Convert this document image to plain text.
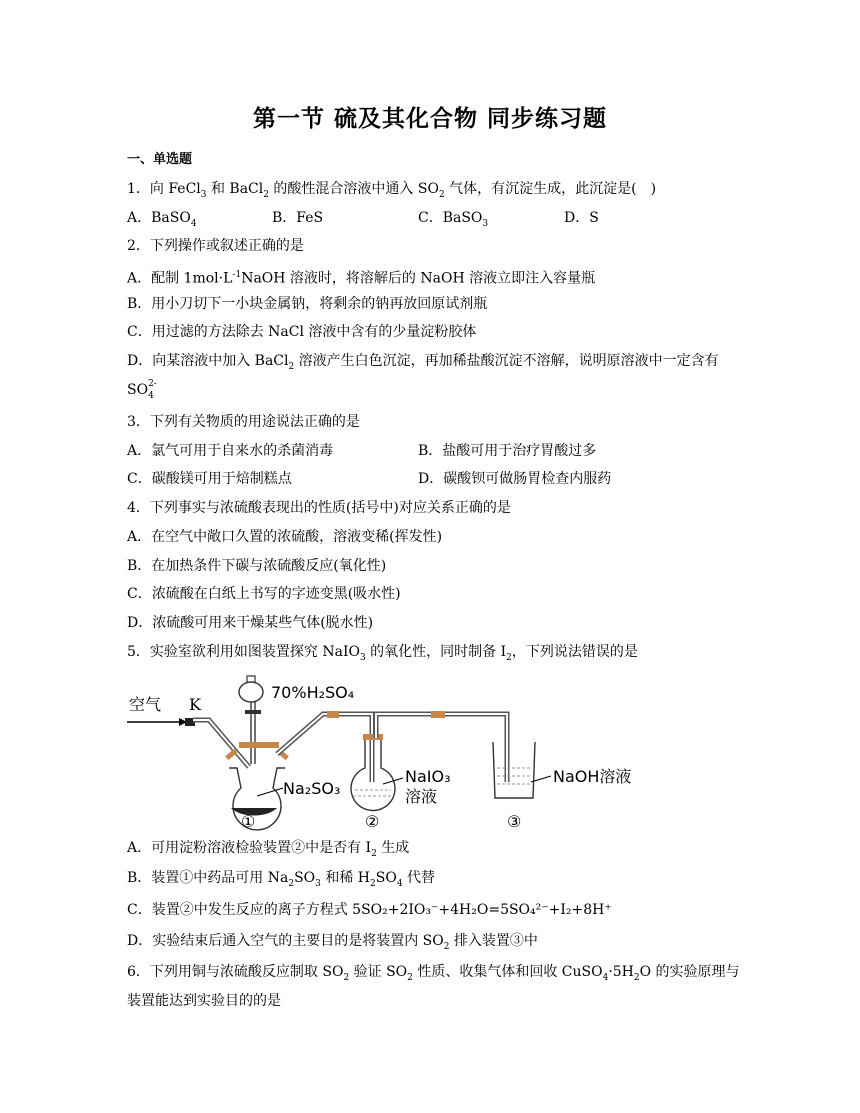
第一节 硫及其化合物 同步练习题
一、单选题
1．向 FeCl$_3$ 和 BaCl$_2$ 的酸性混合溶液中通入 $SO_2$ 气体，有沉淀生成，此沉淀是(　)
A．BaSO$_4$	B．FeS	C．BaSO$_3$	D．S
2．下列操作或叙述正确的是
A．配制 $1mol\cdot L^{-1}NaOH$ 溶液时，将溶解后的 NaOH 溶液立即注入容量瓶
B．用小刀切下一小块金属钠，将剩余的钠再放回原试剂瓶
C．用过滤的方法除去 NaCl 溶液中含有的少量淀粉胶体
D．向某溶液中加入 BaCl$_2$ 溶液产生白色沉淀，再加稀盐酸沉淀不溶解，说明原溶液中一定含有
SO 2-
4
3．下列有关物质的用途说法正确的是
A．氯气可用于自来水的杀菌消毒	B．盐酸可用于治疗胃酸过多
C．碳酸镁可用于焙制糕点	D．碳酸钡可做肠胃检查内服药
4．下列事实与浓硫酸表现出的性质(括号中)对应关系正确的是
A．在空气中敞口久置的浓硫酸，溶液变稀(挥发性)
B．在加热条件下碳与浓硫酸反应(氧化性)
C．浓硫酸在白纸上书写的字迹变黑(吸水性)
D．浓硫酸可用来干燥某些气体(脱水性)
5．实验室欲利用如图装置探究 NaIO$_3$ 的氧化性，同时制备 $I_2$，下列说法错误的是
空气 K
70%H₂SO₄
Na₂SO₃
①
NaIO₃
溶液
②
NaOH溶液
③
A．可用淀粉溶液检验装置②中是否有 $I_2$ 生成
B．装置①中药品可用 $Na_2SO_3$ 和稀 $H_2SO_4$ 代替
C．装置②中发生反应的离子方程式 5SO₂+2IO₃⁻+4H₂O=5SO₄²⁻+I₂+8H⁺
D．实验结束后通入空气的主要目的是将装置内 $SO_2$ 排入装置③中
6．下列用铜与浓硫酸反应制取 $SO_2$ 验证 $SO_2$ 性质、收集气体和回收 $CuSO_4\cdot 5H_2O$ 的实验原理与
装置能达到实验目的的是
